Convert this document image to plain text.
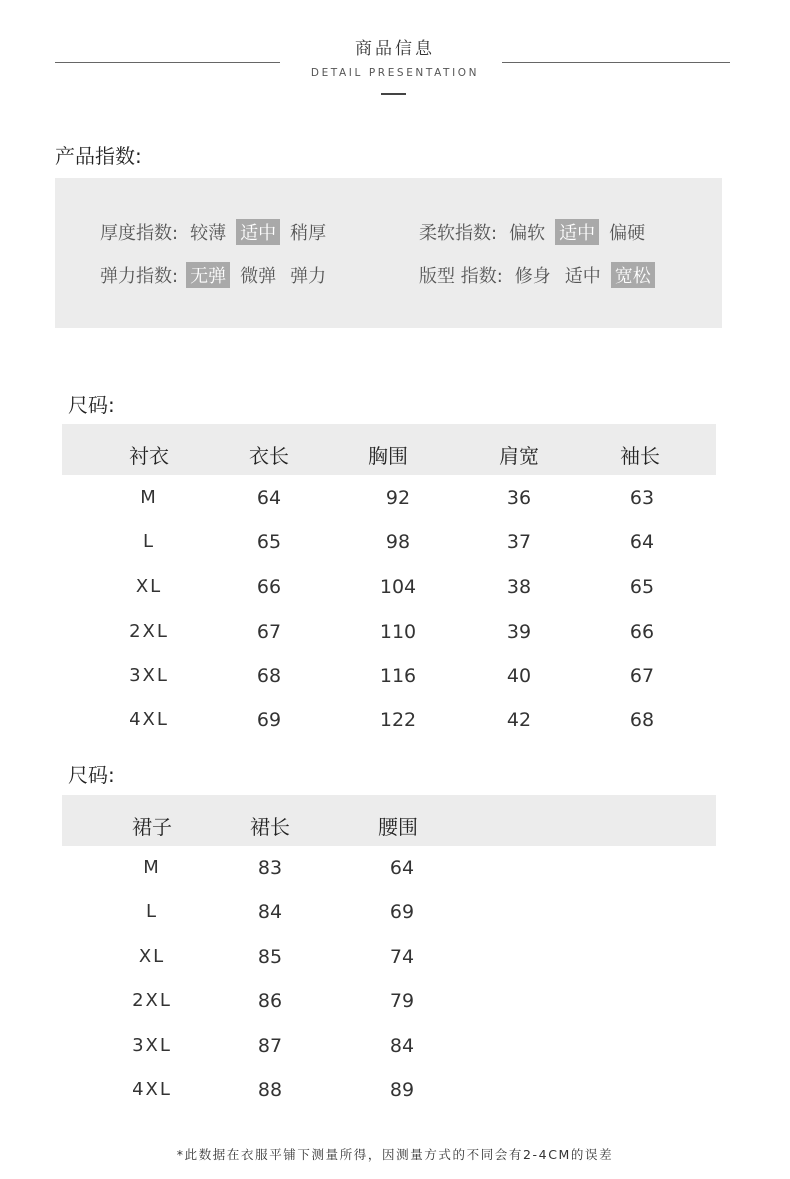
商品信息
DETAIL PRESENTATION
产品指数:
厚度指数: 较薄 适中 稍厚	柔软指数: 偏软 适中 偏硬
弹力指数: 无弹 微弹 弹力	版型 指数: 修身 适中 宽松
尺码:
衬衣	衣长	胸围	肩宽	袖长
M	64	92	36	63
L	65	98	37	64
XL	66	104	38	65
2XL	67	110	39	66
3XL	68	116	40	67
4XL	69	122	42	68
尺码:
裙子	裙长	腰围
M	83	64
L	84	69
XL	85	74
2XL	86	79
3XL	87	84
4XL	88	89
*此数据在衣服平铺下测量所得，因测量方式的不同会有2-4CM的误差
